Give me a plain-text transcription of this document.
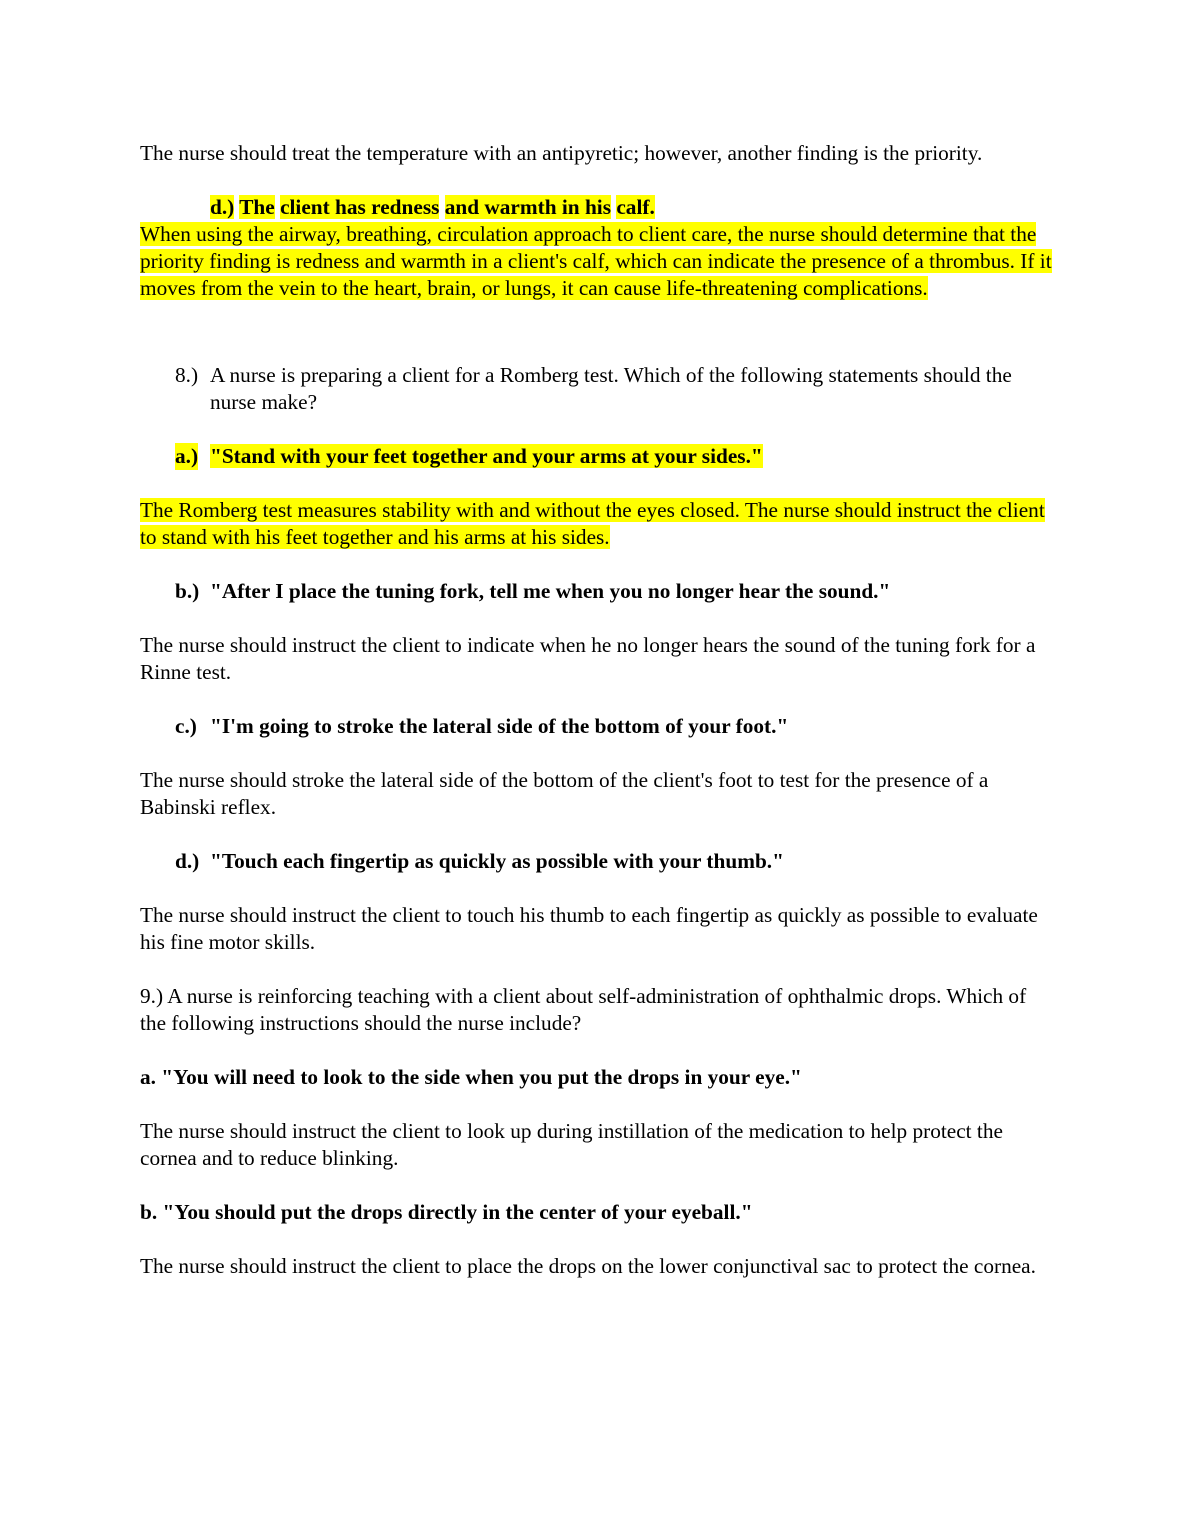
The nurse should treat the temperature with an antipyretic; however, another finding is the priority.

d.) The client has redness and warmth in his calf.

When using the airway, breathing, circulation approach to client care, the nurse should determine that the priority finding is redness and warmth in a client's calf, which can indicate the presence of a thrombus. If it moves from the vein to the heart, brain, or lungs, it can cause life-threatening complications.

8.) A nurse is preparing a client for a Romberg test. Which of the following statements should the nurse make?
a.) "Stand with your feet together and your arms at your sides."

The Romberg test measures stability with and without the eyes closed. The nurse should instruct the client to stand with his feet together and his arms at his sides.

b.) "After I place the tuning fork, tell me when you no longer hear the sound."

The nurse should instruct the client to indicate when he no longer hears the sound of the tuning fork for a Rinne test.

c.) "I'm going to stroke the lateral side of the bottom of your foot."

The nurse should stroke the lateral side of the bottom of the client's foot to test for the presence of a Babinski reflex.

d.) "Touch each fingertip as quickly as possible with your thumb."

The nurse should instruct the client to touch his thumb to each fingertip as quickly as possible to evaluate his fine motor skills.

9.) A nurse is reinforcing teaching with a client about self-administration of ophthalmic drops. Which of the following instructions should the nurse include?

a. "You will need to look to the side when you put the drops in your eye."

The nurse should instruct the client to look up during instillation of the medication to help protect the cornea and to reduce blinking.

b. "You should put the drops directly in the center of your eyeball."

The nurse should instruct the client to place the drops on the lower conjunctival sac to protect the cornea.
